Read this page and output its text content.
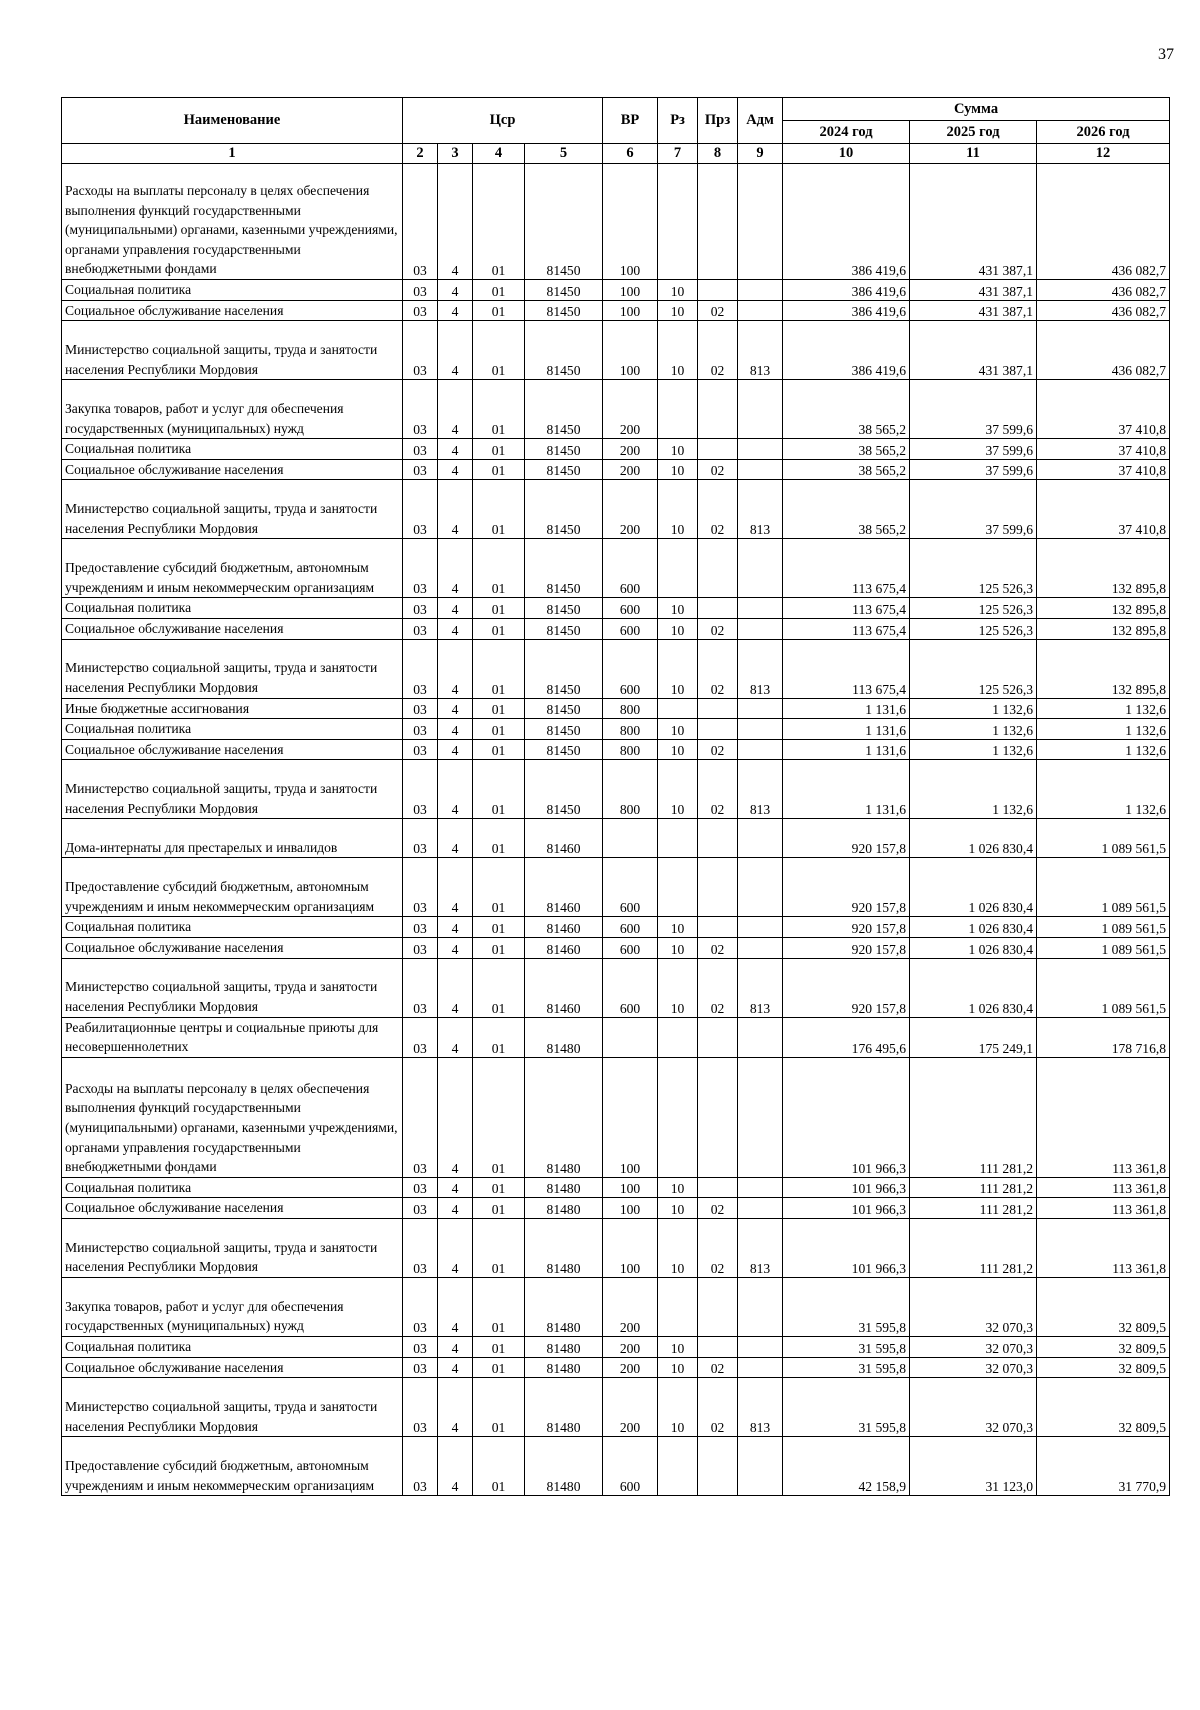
37
Наименование	Цср				ВР	Рз	Прз	Адм	Сумма		
									2024 год	2025 год	2026 год
1	2	3	4	5	6	7	8	9	10	11	12
Расходы на выплаты персоналу в целях обеспечения выполнения функций государственными (муниципальными) органами, казенными учреждениями, органами управления государственными внебюджетными фондами	03	4	01	81450	100				386 419,6	431 387,1	436 082,7
Социальная политика	03	4	01	81450	100	10			386 419,6	431 387,1	436 082,7
Социальное обслуживание населения	03	4	01	81450	100	10	02		386 419,6	431 387,1	436 082,7
Министерство социальной защиты, труда и занятости населения Республики Мордовия	03	4	01	81450	100	10	02	813	386 419,6	431 387,1	436 082,7
Закупка товаров, работ и услуг для обеспечения государственных (муниципальных) нужд	03	4	01	81450	200				38 565,2	37 599,6	37 410,8
Социальная политика	03	4	01	81450	200	10			38 565,2	37 599,6	37 410,8
Социальное обслуживание населения	03	4	01	81450	200	10	02		38 565,2	37 599,6	37 410,8
Министерство социальной защиты, труда и занятости населения Республики Мордовия	03	4	01	81450	200	10	02	813	38 565,2	37 599,6	37 410,8
Предоставление субсидий бюджетным, автономным учреждениям и иным некоммерческим организациям	03	4	01	81450	600				113 675,4	125 526,3	132 895,8
Социальная политика	03	4	01	81450	600	10			113 675,4	125 526,3	132 895,8
Социальное обслуживание населения	03	4	01	81450	600	10	02		113 675,4	125 526,3	132 895,8
Министерство социальной защиты, труда и занятости населения Республики Мордовия	03	4	01	81450	600	10	02	813	113 675,4	125 526,3	132 895,8
Иные бюджетные ассигнования	03	4	01	81450	800				1 131,6	1 132,6	1 132,6
Социальная политика	03	4	01	81450	800	10			1 131,6	1 132,6	1 132,6
Социальное обслуживание населения	03	4	01	81450	800	10	02		1 131,6	1 132,6	1 132,6
Министерство социальной защиты, труда и занятости населения Республики Мордовия	03	4	01	81450	800	10	02	813	1 131,6	1 132,6	1 132,6
Дома-интернаты для престарелых и инвалидов	03	4	01	81460					920 157,8	1 026 830,4	1 089 561,5
Предоставление субсидий бюджетным, автономным учреждениям и иным некоммерческим организациям	03	4	01	81460	600				920 157,8	1 026 830,4	1 089 561,5
Социальная политика	03	4	01	81460	600	10			920 157,8	1 026 830,4	1 089 561,5
Социальное обслуживание населения	03	4	01	81460	600	10	02		920 157,8	1 026 830,4	1 089 561,5
Министерство социальной защиты, труда и занятости населения Республики Мордовия	03	4	01	81460	600	10	02	813	920 157,8	1 026 830,4	1 089 561,5
Реабилитационные центры и социальные приюты для несовершеннолетних	03	4	01	81480					176 495,6	175 249,1	178 716,8
Расходы на выплаты персоналу в целях обеспечения выполнения функций государственными (муниципальными) органами, казенными учреждениями, органами управления государственными внебюджетными фондами	03	4	01	81480	100				101 966,3	111 281,2	113 361,8
Социальная политика	03	4	01	81480	100	10			101 966,3	111 281,2	113 361,8
Социальное обслуживание населения	03	4	01	81480	100	10	02		101 966,3	111 281,2	113 361,8
Министерство социальной защиты, труда и занятости населения Республики Мордовия	03	4	01	81480	100	10	02	813	101 966,3	111 281,2	113 361,8
Закупка товаров, работ и услуг для обеспечения государственных (муниципальных) нужд	03	4	01	81480	200				31 595,8	32 070,3	32 809,5
Социальная политика	03	4	01	81480	200	10			31 595,8	32 070,3	32 809,5
Социальное обслуживание населения	03	4	01	81480	200	10	02		31 595,8	32 070,3	32 809,5
Министерство социальной защиты, труда и занятости населения Республики Мордовия	03	4	01	81480	200	10	02	813	31 595,8	32 070,3	32 809,5
Предоставление субсидий бюджетным, автономным учреждениям и иным некоммерческим организациям	03	4	01	81480	600				42 158,9	31 123,0	31 770,9
